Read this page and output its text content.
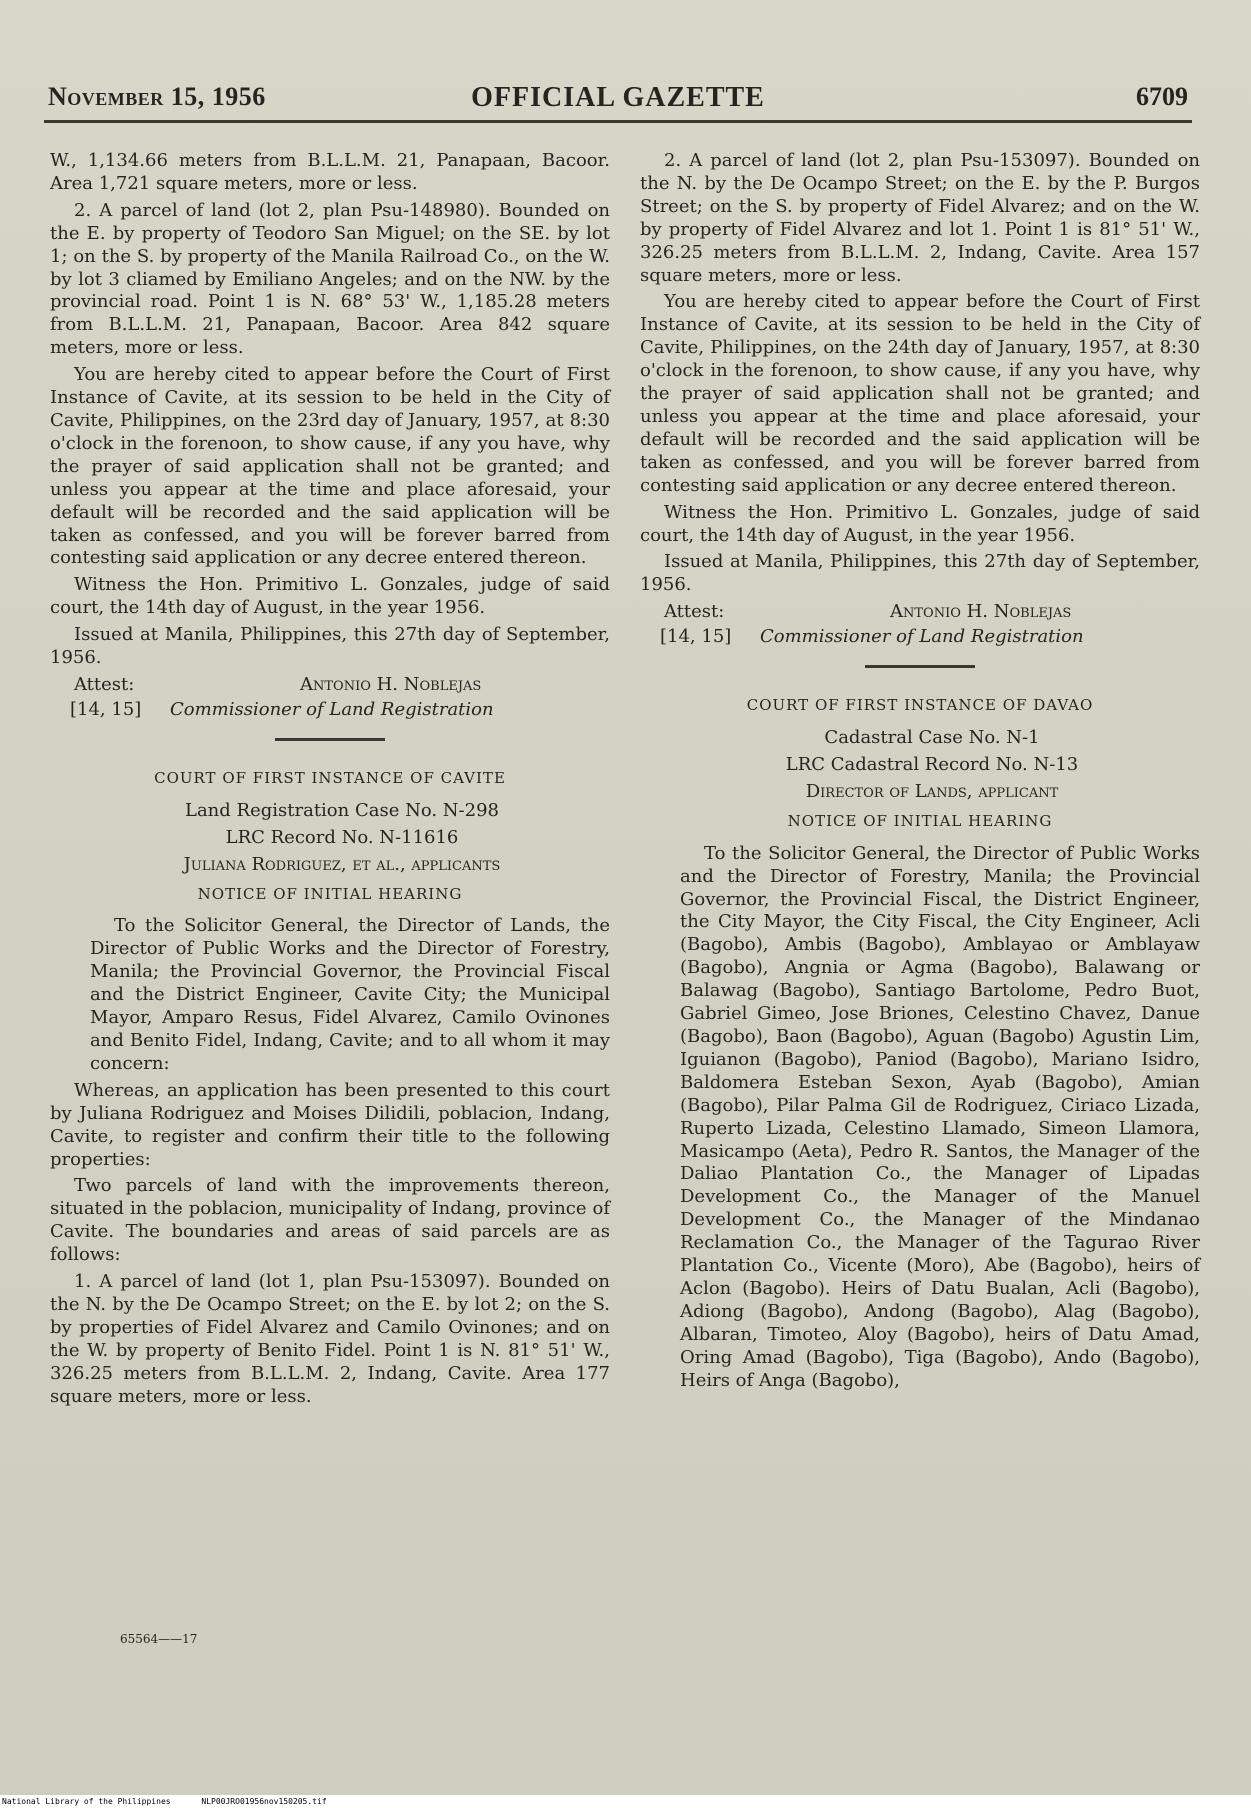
November 15, 1956	OFFICIAL GAZETTE	6709

W., 1,134.66 meters from B.L.L.M. 21, Panapaan, Bacoor. Area 1,721 square meters, more or less.

2. A parcel of land (lot 2, plan Psu-148980). Bounded on the E. by property of Teodoro San Miguel; on the SE. by lot 1; on the S. by property of the Manila Railroad Co., on the W. by lot 3 cliamed by Emiliano Angeles; and on the NW. by the provincial road. Point 1 is N. 68° 53' W., 1,185.28 meters from B.L.L.M. 21, Panapaan, Bacoor. Area 842 square meters, more or less.

You are hereby cited to appear before the Court of First Instance of Cavite, at its session to be held in the City of Cavite, Philippines, on the 23rd day of January, 1957, at 8:30 o'clock in the forenoon, to show cause, if any you have, why the prayer of said application shall not be granted; and unless you appear at the time and place aforesaid, your default will be recorded and the said application will be taken as confessed, and you will be forever barred from contesting said application or any decree entered thereon.

Witness the Hon. Primitivo L. Gonzales, judge of said court, the 14th day of August, in the year 1956.

Issued at Manila, Philippines, this 27th day of September, 1956.

Attest:	Antonio H. Noblejas
[14, 15] Commissioner of Land Registration
COURT OF FIRST INSTANCE OF CAVITE

Land Registration Case No. N-298

LRC Record No. N-11616

Juliana Rodriguez, et al., applicants

NOTICE OF INITIAL HEARING

To the Solicitor General, the Director of Lands, the Director of Public Works and the Director of Forestry, Manila; the Provincial Governor, the Provincial Fiscal and the District Engineer, Cavite City; the Municipal Mayor, Amparo Resus, Fidel Alvarez, Camilo Ovinones and Benito Fidel, Indang, Cavite; and to all whom it may concern:

Whereas, an application has been presented to this court by Juliana Rodriguez and Moises Dilidili, poblacion, Indang, Cavite, to register and confirm their title to the following properties:

Two parcels of land with the improvements thereon, situated in the poblacion, municipality of Indang, province of Cavite. The boundaries and areas of said parcels are as follows:

1. A parcel of land (lot 1, plan Psu-153097). Bounded on the N. by the De Ocampo Street; on the E. by lot 2; on the S. by properties of Fidel Alvarez and Camilo Ovinones; and on the W. by property of Benito Fidel. Point 1 is N. 81° 51' W., 326.25 meters from B.L.L.M. 2, Indang, Cavite. Area 177 square meters, more or less.

65564——17

2. A parcel of land (lot 2, plan Psu-153097). Bounded on the N. by the De Ocampo Street; on the E. by the P. Burgos Street; on the S. by property of Fidel Alvarez; and on the W. by property of Fidel Alvarez and lot 1. Point 1 is 81° 51' W., 326.25 meters from B.L.L.M. 2, Indang, Cavite. Area 157 square meters, more or less.

You are hereby cited to appear before the Court of First Instance of Cavite, at its session to be held in the City of Cavite, Philippines, on the 24th day of January, 1957, at 8:30 o'clock in the forenoon, to show cause, if any you have, why the prayer of said application shall not be granted; and unless you appear at the time and place aforesaid, your default will be recorded and the said application will be taken as confessed, and you will be forever barred from contesting said application or any decree entered thereon.

Witness the Hon. Primitivo L. Gonzales, judge of said court, the 14th day of August, in the year 1956.

Issued at Manila, Philippines, this 27th day of September, 1956.

Attest:	Antonio H. Noblejas
[14, 15] Commissioner of Land Registration
COURT OF FIRST INSTANCE OF DAVAO

Cadastral Case No. N-1

LRC Cadastral Record No. N-13

Director of Lands, applicant

NOTICE OF INITIAL HEARING

To the Solicitor General, the Director of Public Works and the Director of Forestry, Manila; the Provincial Governor, the Provincial Fiscal, the District Engineer, the City Mayor, the City Fiscal, the City Engineer, Acli (Bagobo), Ambis (Bagobo), Amblayao or Amblayaw (Bagobo), Angnia or Agma (Bagobo), Balawang or Balawag (Bagobo), Santiago Bartolome, Pedro Buot, Gabriel Gimeo, Jose Briones, Celestino Chavez, Danue (Bagobo), Baon (Bagobo), Aguan (Bagobo) Agustin Lim, Iguianon (Bagobo), Paniod (Bagobo), Mariano Isidro, Baldomera Esteban Sexon, Ayab (Bagobo), Amian (Bagobo), Pilar Palma Gil de Rodriguez, Ciriaco Lizada, Ruperto Lizada, Celestino Llamado, Simeon Llamora, Masicampo (Aeta), Pedro R. Santos, the Manager of the Daliao Plantation Co., the Manager of Lipadas Development Co., the Manager of the Manuel Development Co., the Manager of the Mindanao Reclamation Co., the Manager of the Tagurao River Plantation Co., Vicente (Moro), Abe (Bagobo), heirs of Aclon (Bagobo). Heirs of Datu Bualan, Acli (Bagobo), Adiong (Bagobo), Andong (Bagobo), Alag (Bagobo), Albaran, Timoteo, Aloy (Bagobo), heirs of Datu Amad, Oring Amad (Bagobo), Tiga (Bagobo), Ando (Bagobo), Heirs of Anga (Bagobo),

National Library of the Philippines	NLP00JRO01956nov150205.tif
